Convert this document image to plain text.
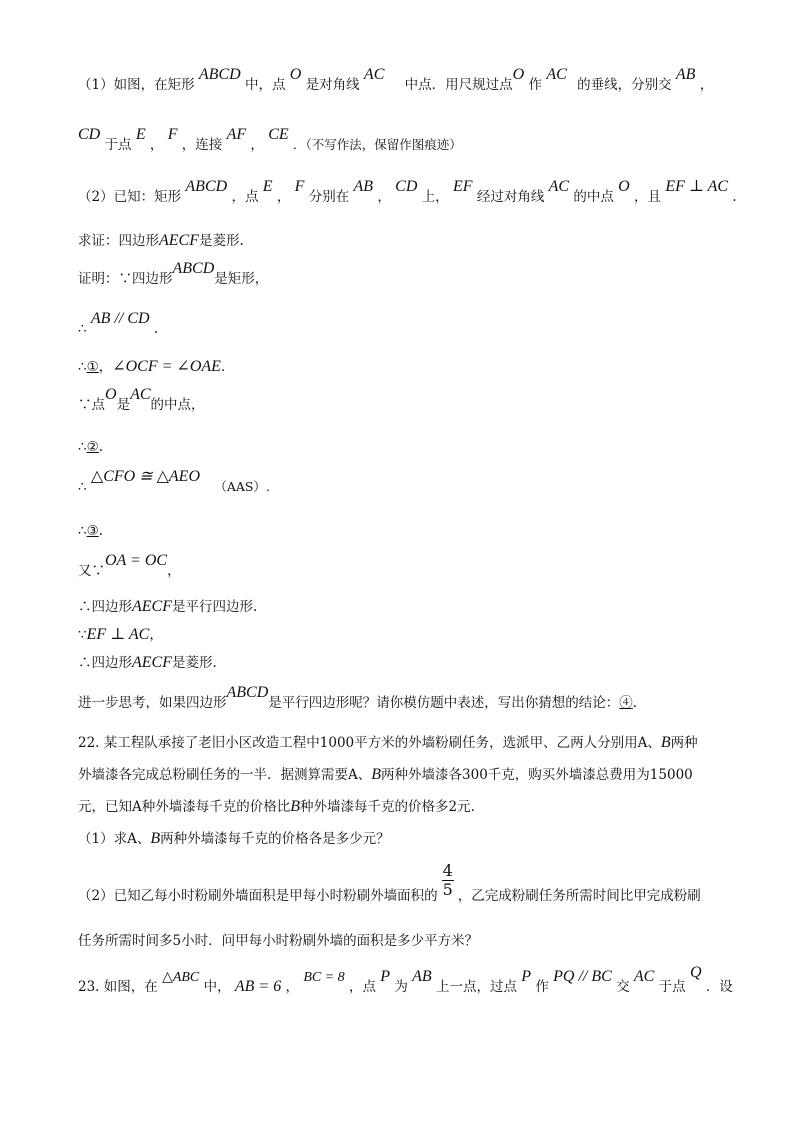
（1）如图，在矩形 ABCD 中，点 O 是对角线 AC 中点．用尺规过点O 作 AC 的垂线，分别交 AB ，
CD 于点 E ， F ，连接 AF ， CE ．（不写作法，保留作图痕迹）
（2）已知：矩形 ABCD ，点 E ， F 分别在 AB ， CD 上， EF 经过对角线 AC 的中点 O ，且 EF ⊥ AC .
求证：四边形AECF是菱形.
证明：∵四边形ABCD是矩形，
∴ AB // CD .
∴①，∠OCF = ∠OAE.
∵点O是AC的中点，
∴②.
∴ △CFO ≅ △AEO （AAS）.
∴③.
又∵OA = OC，
∴四边形AECF是平行四边形.
∵EF ⊥ AC，
∴四边形AECF是菱形.
进一步思考，如果四边形ABCD是平行四边形呢？请你模仿题中表述，写出你猜想的结论：④.
22. 某工程队承接了老旧小区改造工程中1000平方米的外墙粉刷任务，选派甲、乙两人分别用A、B两种
外墙漆各完成总粉刷任务的一半．据测算需要A、B两种外墙漆各300千克，购买外墙漆总费用为15000
元，已知A种外墙漆每千克的价格比B种外墙漆每千克的价格多2元.
（1）求A、B两种外墙漆每千克的价格各是多少元？
（2）已知乙每小时粉刷外墙面积是甲每小时粉刷外墙面积的 $\frac{4}{5}$ ，乙完成粉刷任务所需时间比甲完成粉刷
任务所需时间多5小时．问甲每小时粉刷外墙的面积是多少平方米？
23. 如图，在 △ABC 中， AB = 6 ， BC = 8 ，点 P 为 AB 上一点，过点 P 作 PQ // BC 交 AC 于点 Q ．设
